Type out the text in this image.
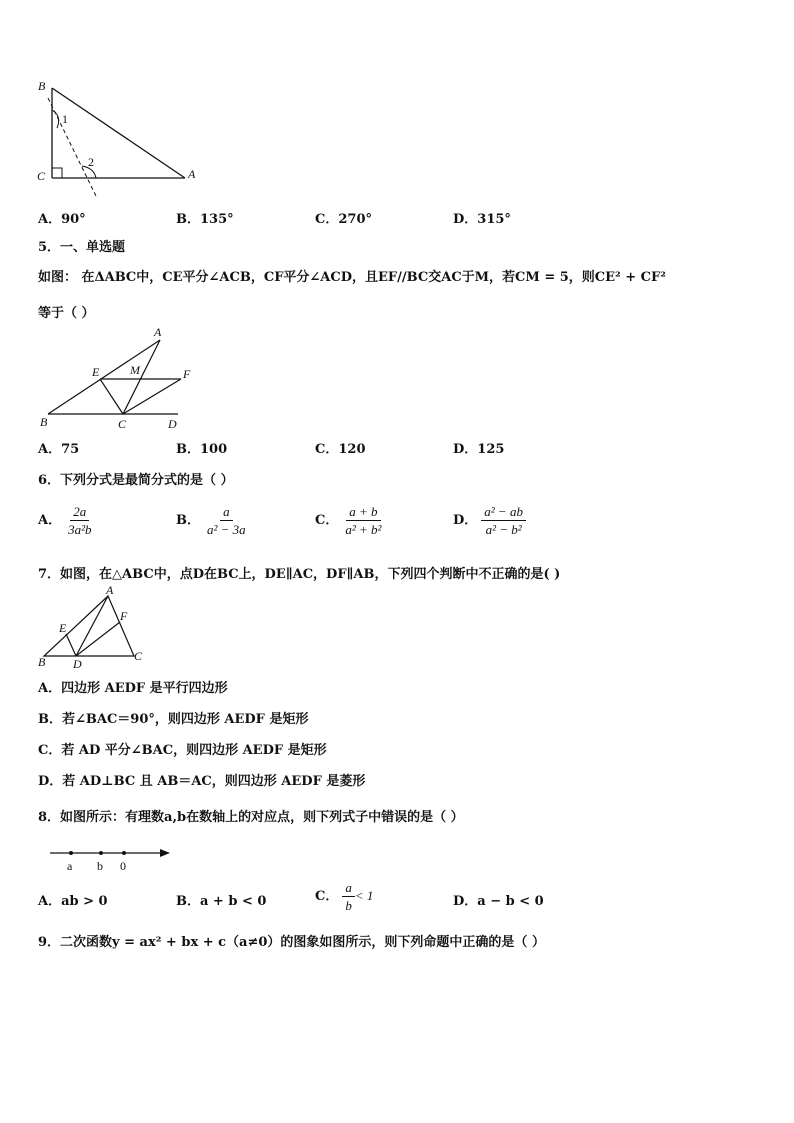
B
C	A
1
2
A．90°	B．135°	C．270°	D．315°
5．一、单选题
如图： 在ΔABC中，CE平分∠ACB，CF平分∠ACD，且EF//BC交AC于M，若CM = 5，则CE² + CF²
等于（ ）
A
E	M	F
B	C	D
A．75	B．100	C．120	D．125
6．下列分式是最简分式的是（ ）
A． $\frac{2a}{\text{3a²b}}$	B． $\frac{a}{\text{a² − 3a}}$	C． $\frac{a + b}{\text{a² + b²}}$	D． $\frac{\text{a² − ab}}{\text{a² − b²}}$
7．如图，在△ABC中，点D在BC上，DE∥AC，DF∥AB，下列四个判断中不正确的是( )
A
E
F
B D
C
A．四边形 AEDF 是平行四边形
B．若∠BAC＝90°，则四边形 AEDF 是矩形
C．若 AD 平分∠BAC，则四边形 AEDF 是矩形
D．若 AD⊥BC 且 AB＝AC，则四边形 AEDF 是菱形
8．如图所示：有理数a,b在数轴上的对应点，则下列式子中错误的是（ ）
a b 0
A．ab > 0	B．a + b < 0	C． $\frac{a}{b} < 1$	D．a − b < 0
9．二次函数y = ax² + bx + c（a≠0）的图象如图所示，则下列命题中正确的是（ ）
